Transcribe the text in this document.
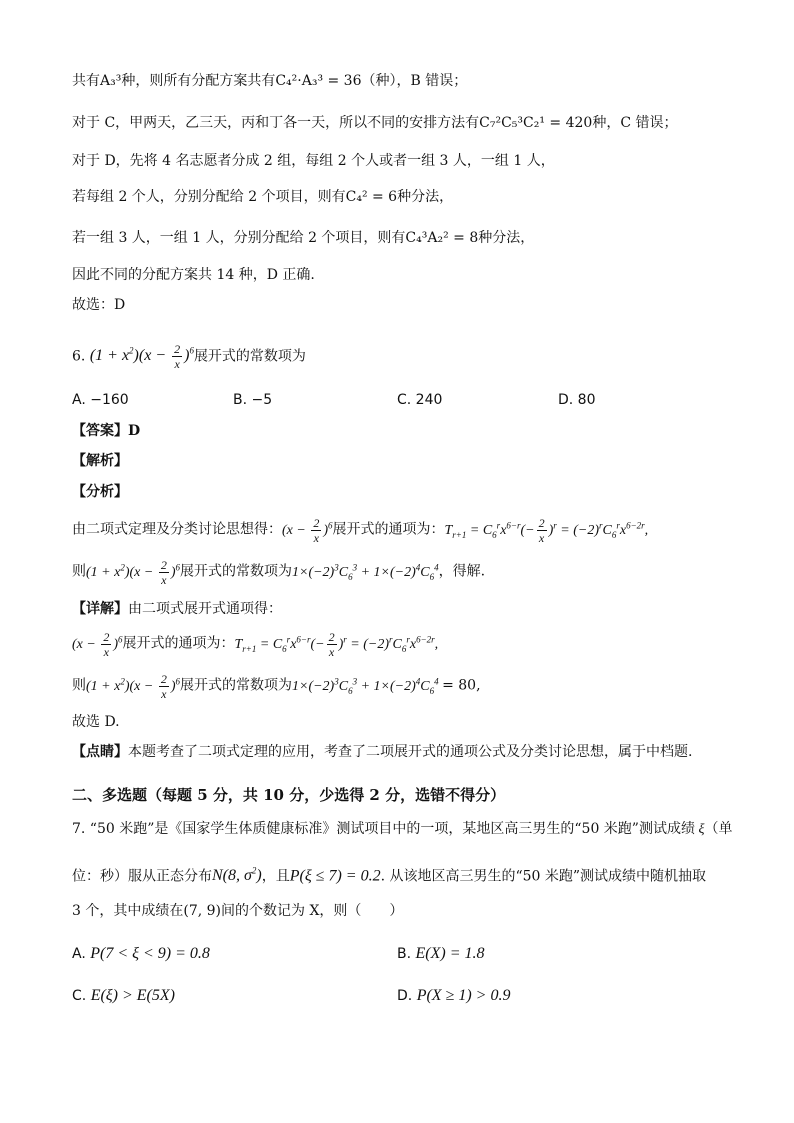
共有A₃³种，则所有分配方案共有C₄²·A₃³ = 36（种），B 错误；
对于 C，甲两天，乙三天，丙和丁各一天，所以不同的安排方法有C₇²C₅³C₂¹ = 420种，C 错误；
对于 D，先将 4 名志愿者分成 2 组，每组 2 个人或者一组 3 人，一组 1 人，
若每组 2 个人，分别分配给 2 个项目，则有C₄² = 6种分法，
若一组 3 人，一组 1 人，分别分配给 2 个项目，则有C₄³A₂² = 8种分法，
因此不同的分配方案共 14 种，D 正确.
故选：D
6. $(1 + x^2)(x - \frac{2}{x} )^6$展开式的常数项为
A. −160	B. −5	C. 240	D. 80
【答案】D
【解析】
【分析】
由二项式定理及分类讨论思想得：$(x - \frac{2}{x} )^6$展开式的通项为：$T_{r+1} = C_6^rx^{6-r}(- \frac{2}{x} )^r = (-2)^rC_6^rx^{6-2r}$,
则$(1 + x^2)(x - \frac{2}{x} )^6$展开式的常数项为$1\times(-2)^3C_6^3 + 1\times(-2)^4C_6^4$，得解.
【详解】由二项式展开式通项得：
$(x - \frac{2}{x} )^6$展开式的通项为：$T_{r+1} = C_6^rx^{6-r}(- \frac{2}{x} )^r = (-2)^rC_6^rx^{6-2r}$,
则$(1 + x^2)(x - \frac{2}{x} )^6$展开式的常数项为$1\times(-2)^3C_6^3 + 1\times(-2)^4C_6^4 = 80$,
故选 D.
【点睛】本题考查了二项式定理的应用，考查了二项展开式的通项公式及分类讨论思想，属于中档题.
二、多选题（每题 5 分，共 10 分，少选得 2 分，选错不得分）
7. “50 米跑”是《国家学生体质健康标准》测试项目中的一项，某地区高三男生的“50 米跑”测试成绩 ξ（单
位：秒）服从正态分布N(8, $\sigma^2$)，且P(ξ ≤ 7) = 0.2. 从该地区高三男生的“50 米跑”测试成绩中随机抽取
3 个，其中成绩在(7, 9)间的个数记为 X，则（　　）
A. P(7 < ξ < 9) = 0.8	B. E(X) = 1.8
C. E(ξ) > E(5X)	D. P(X ≥ 1) > 0.9
